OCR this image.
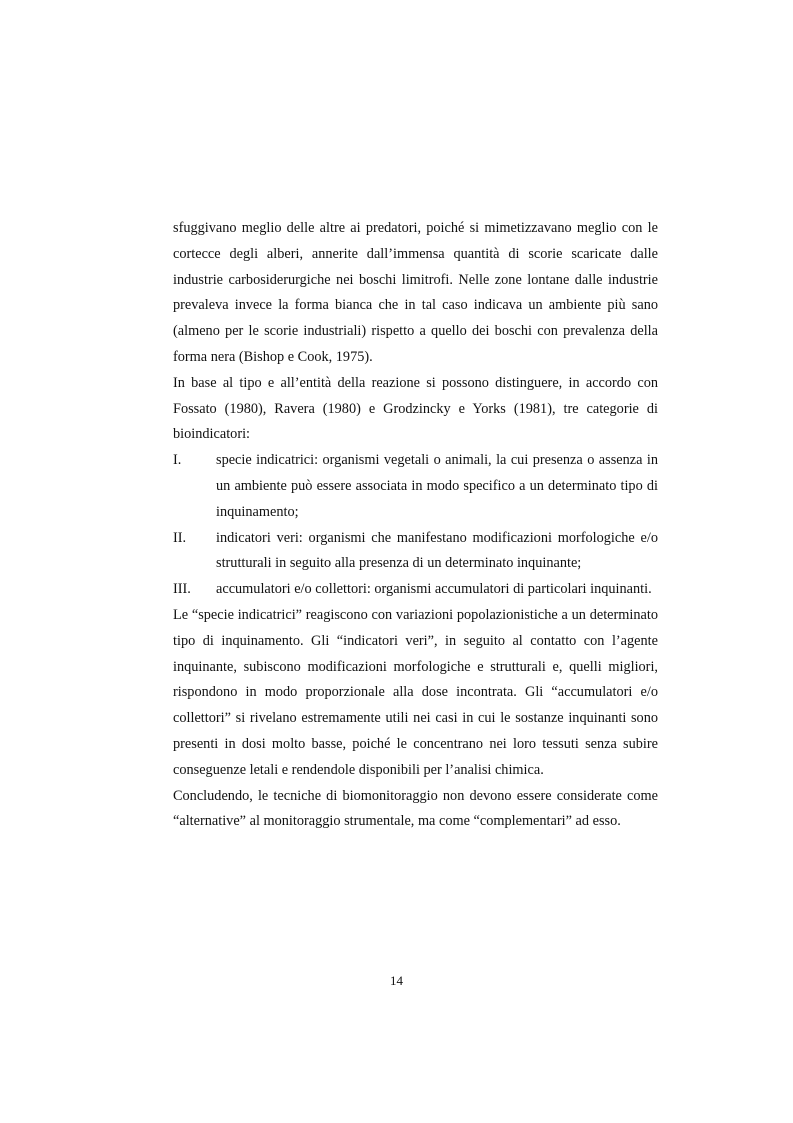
sfuggivano meglio delle altre ai predatori, poiché si mimetizzavano meglio con le cortecce degli alberi, annerite dall’immensa quantità di scorie scaricate dalle industrie carbosiderurgiche nei boschi limitrofi. Nelle zone lontane dalle industrie prevaleva invece la forma bianca che in tal caso indicava un ambiente più sano (almeno per le scorie industriali) rispetto a quello dei boschi con prevalenza della forma nera (Bishop e Cook, 1975).

In base al tipo e all’entità della reazione si possono distinguere, in accordo con Fossato (1980), Ravera (1980) e Grodzincky e Yorks (1981), tre categorie di bioindicatori:

I.	specie indicatrici: organismi vegetali o animali, la cui presenza o assenza in un ambiente può essere associata in modo specifico a un determinato tipo di inquinamento;
II.	indicatori veri: organismi che manifestano modificazioni morfologiche e/o strutturali in seguito alla presenza di un determinato inquinante;
III.	accumulatori e/o collettori: organismi accumulatori di particolari inquinanti.

Le “specie indicatrici” reagiscono con variazioni popolazionistiche a un determinato tipo di inquinamento. Gli “indicatori veri”, in seguito al contatto con l’agente inquinante, subiscono modificazioni morfologiche e strutturali e, quelli migliori, rispondono in modo proporzionale alla dose incontrata. Gli “accumulatori e/o collettori” si rivelano estremamente utili nei casi in cui le sostanze inquinanti sono presenti in dosi molto basse, poiché le concentrano nei loro tessuti senza subire conseguenze letali e rendendole disponibili per l’analisi chimica.

Concludendo, le tecniche di biomonitoraggio non devono essere considerate come “alternative” al monitoraggio strumentale, ma come “complementari” ad esso.

14
